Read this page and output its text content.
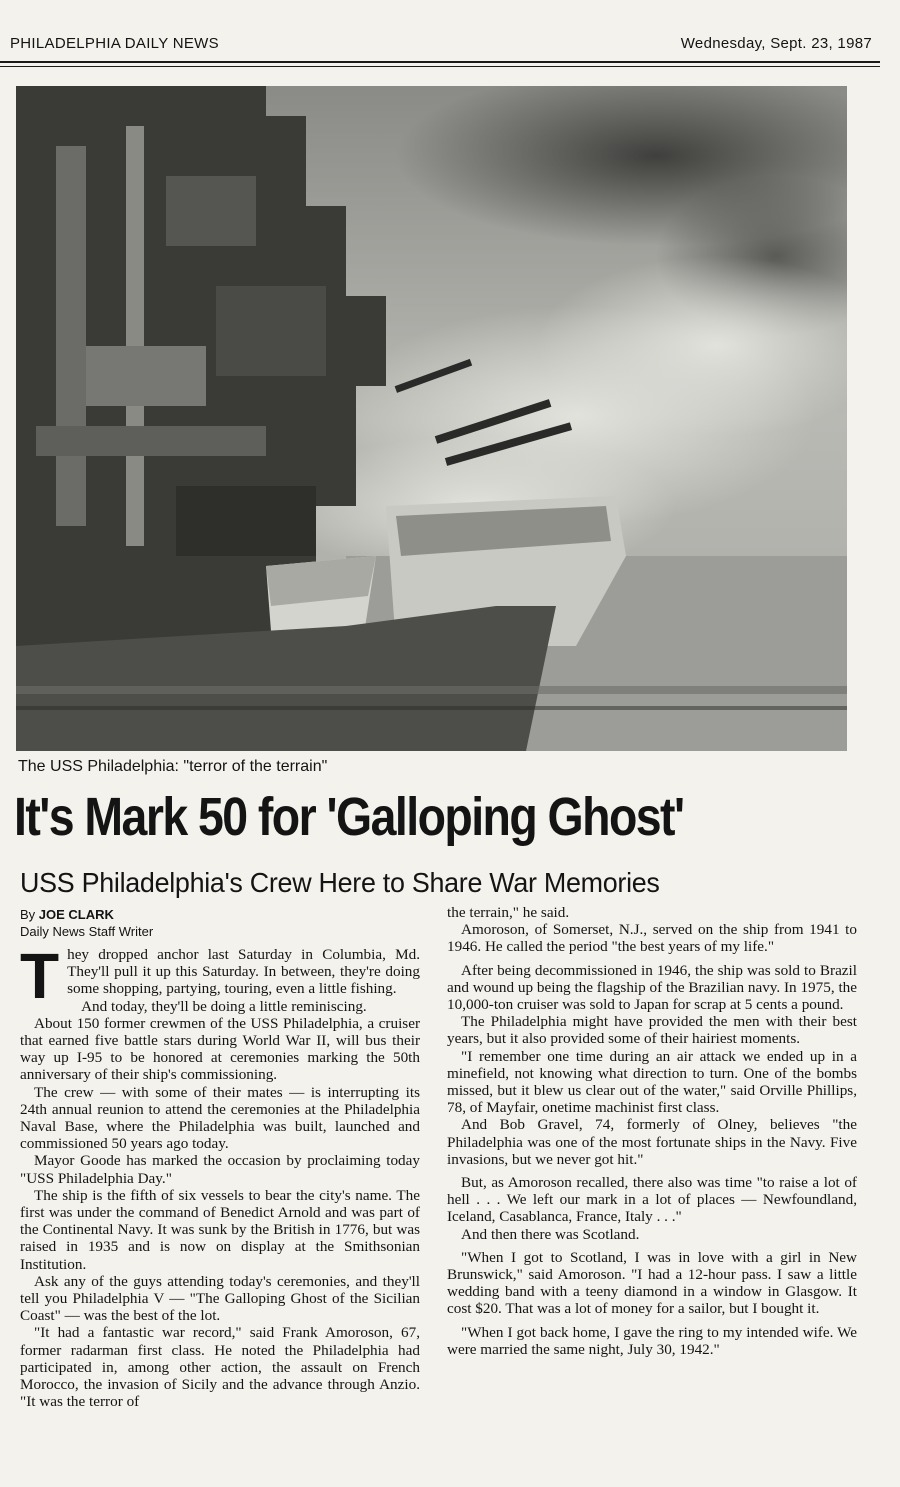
PHILADELPHIA DAILY NEWS	Wednesday, Sept. 23, 1987
The USS Philadelphia: "terror of the terrain"
It's Mark 50 for 'Galloping Ghost'
USS Philadelphia's Crew Here to Share War Memories

By JOE CLARK

Daily News Staff Writer

T hey dropped anchor last Saturday in Columbia, Md. They'll pull it up this Saturday. In between, they're doing some shopping, partying, touring, even a little fishing.

And today, they'll be doing a little reminiscing.

About 150 former crewmen of the USS Philadelphia, a cruiser that earned five battle stars during World War II, will bus their way up I-95 to be honored at ceremonies marking the 50th anniversary of their ship's commissioning.

The crew — with some of their mates — is interrupting its 24th annual reunion to attend the ceremonies at the Philadelphia Naval Base, where the Philadelphia was built, launched and commissioned 50 years ago today.

Mayor Goode has marked the occasion by proclaiming today "USS Philadelphia Day."

The ship is the fifth of six vessels to bear the city's name. The first was under the command of Benedict Arnold and was part of the Continental Navy. It was sunk by the British in 1776, but was raised in 1935 and is now on display at the Smithsonian Institution.

Ask any of the guys attending today's ceremonies, and they'll tell you Philadelphia V — "The Galloping Ghost of the Sicilian Coast" — was the best of the lot.

"It had a fantastic war record," said Frank Amoroson, 67, former radarman first class. He noted the Philadelphia had participated in, among other action, the assault on French Morocco, the invasion of Sicily and the advance through Anzio. "It was the terror of

the terrain," he said.

Amoroson, of Somerset, N.J., served on the ship from 1941 to 1946. He called the period "the best years of my life."

After being decommissioned in 1946, the ship was sold to Brazil and wound up being the flagship of the Brazilian navy. In 1975, the 10,000-ton cruiser was sold to Japan for scrap at 5 cents a pound.

The Philadelphia might have provided the men with their best years, but it also provided some of their hairiest moments.

"I remember one time during an air attack we ended up in a minefield, not knowing what direction to turn. One of the bombs missed, but it blew us clear out of the water," said Orville Phillips, 78, of Mayfair, onetime machinist first class.

And Bob Gravel, 74, formerly of Olney, believes "the Philadelphia was one of the most fortunate ships in the Navy. Five invasions, but we never got hit."

But, as Amoroson recalled, there also was time "to raise a lot of hell . . . We left our mark in a lot of places — Newfoundland, Iceland, Casablanca, France, Italy . . ."

And then there was Scotland.

"When I got to Scotland, I was in love with a girl in New Brunswick," said Amoroson. "I had a 12-hour pass. I saw a little wedding band with a teeny diamond in a window in Glasgow. It cost $20. That was a lot of money for a sailor, but I bought it.

"When I got back home, I gave the ring to my intended wife. We were married the same night, July 30, 1942."
